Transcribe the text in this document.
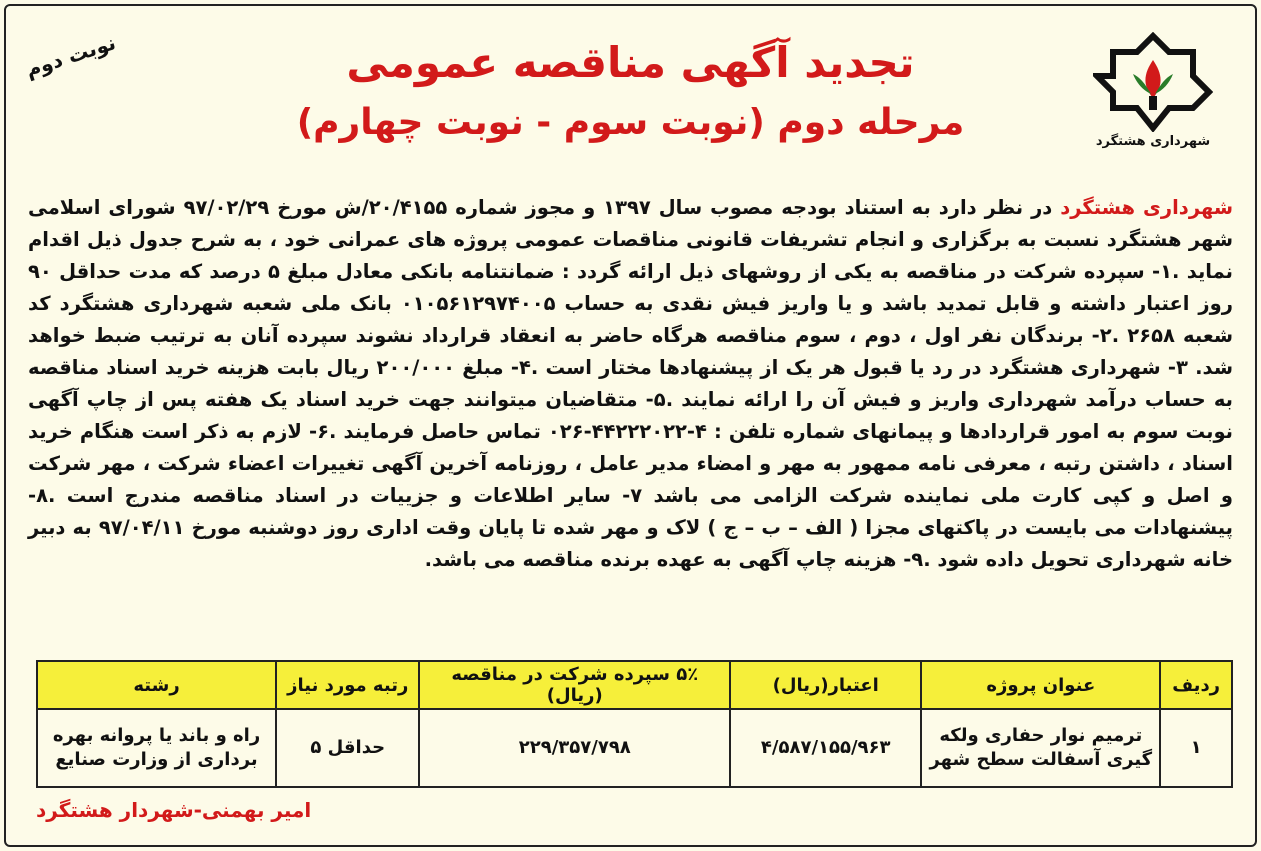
نوبت دوم	تجدید آگهی مناقصه عمومی
مرحله دوم (نوبت سوم - نوبت چهارم)	شهرداری هشتگرد
شهرداری هشتگرد در نظر دارد به استناد بودجه مصوب سال ۱۳۹۷ و مجوز شماره ۲۰/۴۱۵۵/ش مورخ ۹۷/۰۲/۲۹ شورای اسلامی شهر هشتگرد نسبت به برگزاری و انجام تشریفات قانونی مناقصات عمومی پروژه های عمرانی خود ، به شرح جدول ذیل اقدام نماید .۱- سپرده شرکت در مناقصه به یکی از روشهای ذیل ارائه گردد : ضمانتنامه بانکی معادل مبلغ ۵ درصد که مدت حداقل ۹۰ روز اعتبار داشته و قابل تمدید باشد و یا واریز فیش نقدی به حساب ۰۱۰۵۶۱۲۹۷۴۰۰۵ بانک ملی شعبه شهرداری هشتگرد کد شعبه ۲۶۵۸ .۲- برندگان نفر اول ، دوم ، سوم مناقصه هرگاه حاضر به انعقاد قرارداد نشوند سپرده آنان به ترتیب ضبط خواهد شد. ۳- شهرداری هشتگرد در رد یا قبول هر یک از پیشنهادها مختار است .۴- مبلغ ۲۰۰/۰۰۰ ریال بابت هزینه خرید اسناد مناقصه به حساب درآمد شهرداری واریز و فیش آن را ارائه نمایند .۵- متقاضیان میتوانند جهت خرید اسناد یک هفته پس از چاپ آگهی نوبت سوم به امور قراردادها و پیمانهای شماره تلفن : ۴-۴۴۲۲۲۰۲۲-۰۲۶ تماس حاصل فرمایند .۶- لازم به ذکر است هنگام خرید اسناد ، داشتن رتبه ، معرفی نامه ممهور به مهر و امضاء مدیر عامل ، روزنامه آخرین آگهی تغییرات اعضاء شرکت ، مهر شرکت و اصل و کپی کارت ملی نماینده شرکت الزامی می باشد ۷- سایر اطلاعات و جزییات در اسناد مناقصه مندرج است .۸- پیشنهادات می بایست در پاکتهای مجزا ( الف – ب – ج ) لاک و مهر شده تا پایان وقت اداری روز دوشنبه مورخ ۹۷/۰۴/۱۱ به دبیر خانه شهرداری تحویل داده شود .۹- هزینه چاپ آگهی به عهده برنده مناقصه می باشد.
ردیف	عنوان پروژه	اعتبار(ریال)	۵٪ سپرده شرکت در مناقصه (ریال)	رتبه مورد نیاز	رشته
۱	ترمیم نوار حفاری ولکه گیری آسفالت سطح شهر	۴/۵۸۷/۱۵۵/۹۶۳	۲۲۹/۳۵۷/۷۹۸	حداقل ۵	راه و باند یا پروانه بهره برداری از وزارت صنایع
امیر بهمنی-شهردار هشتگرد
